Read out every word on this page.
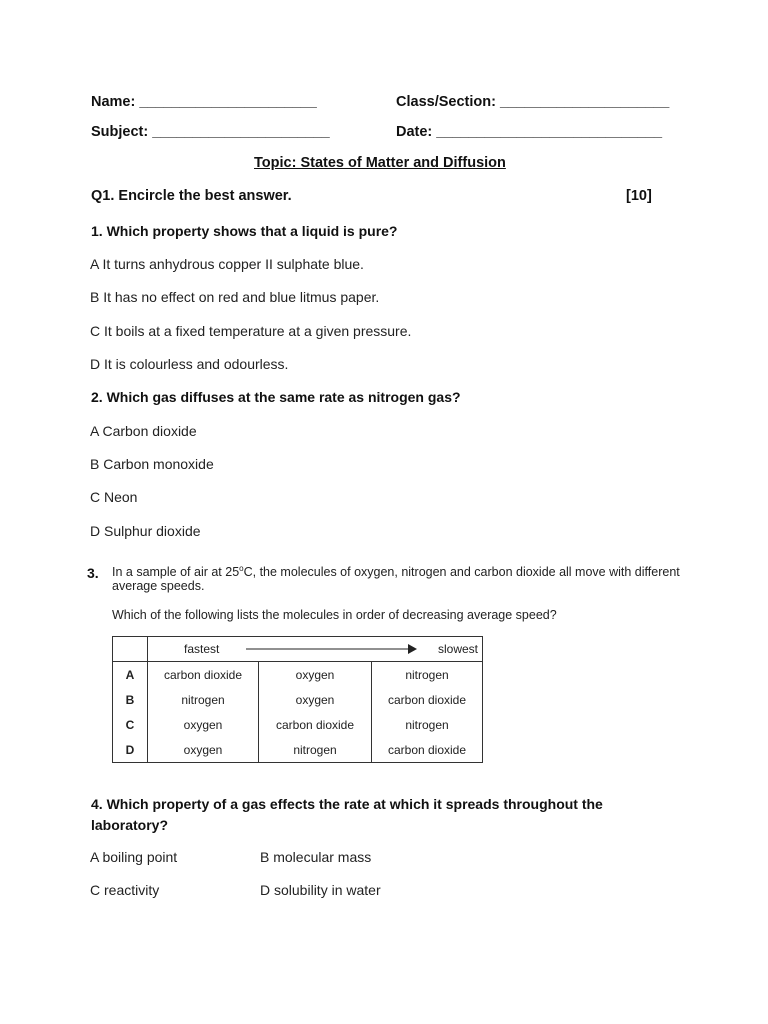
Name: ______________________	Class/Section: _____________________
Subject: ______________________	Date: ____________________________
Topic: States of Matter and Diffusion
Q1. Encircle the best answer.	[10]
1. Which property shows that a liquid is pure?
A It turns anhydrous copper II sulphate blue.
B It has no effect on red and blue litmus paper.
C It boils at a fixed temperature at a given pressure.
D It is colourless and odourless.
2. Which gas diffuses at the same rate as nitrogen gas?
A Carbon dioxide
B Carbon monoxide
C Neon
D Sulphur dioxide
3. In a sample of air at 25$^o$C, the molecules of oxygen, nitrogen and carbon dioxide all move with different average speeds.
Which of the following lists the molecules in order of decreasing average speed?

	fastest slowest		

A	carbon dioxide	oxygen	nitrogen
B	nitrogen	oxygen	carbon dioxide
C	oxygen	carbon dioxide	nitrogen
D	oxygen	nitrogen	carbon dioxide
4. Which property of a gas effects the rate at which it spreads throughout the
laboratory?
A boiling point	B molecular mass
C reactivity	D solubility in water
